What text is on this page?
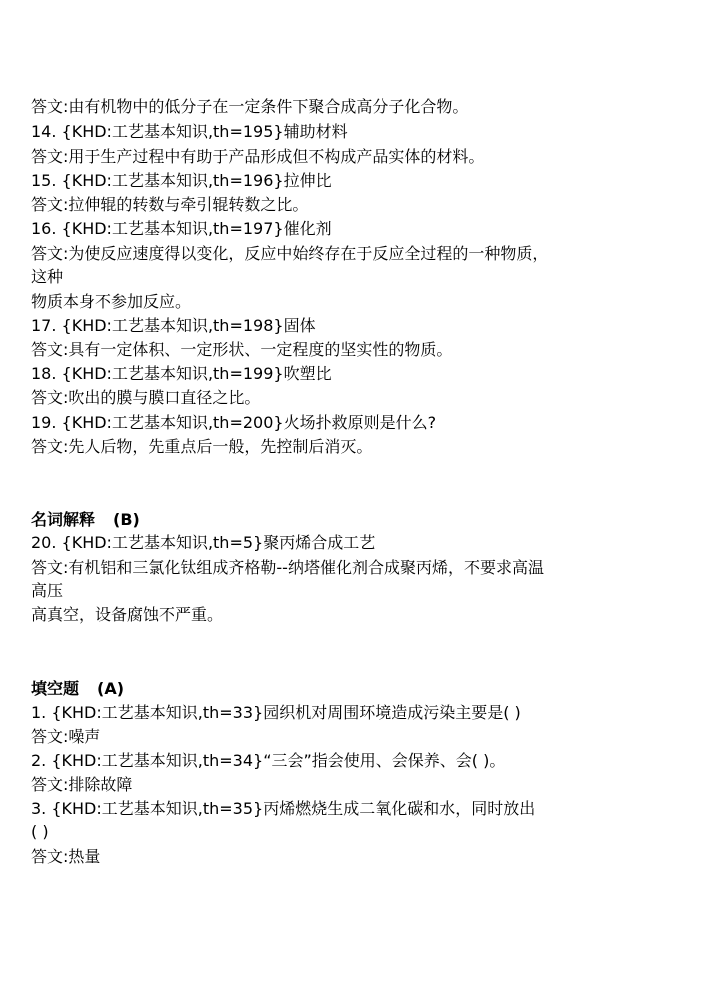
答文:由有机物中的低分子在一定条件下聚合成高分子化合物。
14. {KHD:工艺基本知识,th=195}辅助材料
答文:用于生产过程中有助于产品形成但不构成产品实体的材料。
15. {KHD:工艺基本知识,th=196}拉伸比
答文:拉伸辊的转数与牵引辊转数之比。
16. {KHD:工艺基本知识,th=197}催化剂
答文:为使反应速度得以变化，反应中始终存在于反应全过程的一种物质，
这种
物质本身不参加反应。
17. {KHD:工艺基本知识,th=198}固体
答文:具有一定体积、一定形状、一定程度的坚实性的物质。
18. {KHD:工艺基本知识,th=199}吹塑比
答文:吹出的膜与膜口直径之比。
19. {KHD:工艺基本知识,th=200}火场扑救原则是什么?
答文:先人后物，先重点后一般，先控制后消灭。
名词解释 (B)
20. {KHD:工艺基本知识,th=5}聚丙烯合成工艺
答文:有机铝和三氯化钛组成齐格勒--纳塔催化剂合成聚丙烯，不要求高温
高压
高真空，设备腐蚀不严重。
填空题 (A)
1. {KHD:工艺基本知识,th=33}园织机对周围环境造成污染主要是( )
答文:噪声
2. {KHD:工艺基本知识,th=34}“三会”指会使用、会保养、会( )。
答文:排除故障
3. {KHD:工艺基本知识,th=35}丙烯燃烧生成二氧化碳和水，同时放出
( )
答文:热量
